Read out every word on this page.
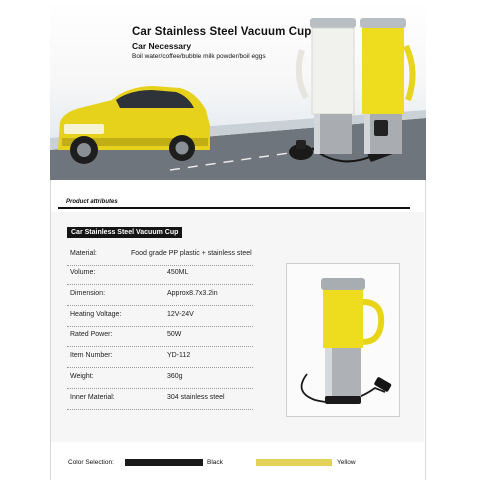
Car Stainless Steel Vacuum Cup
Car Necessary
Boil water/coffee/bubble milk powder/boil eggs
Product attributes
Car Stainless Steel Vacuum Cup
Material:	Food grade PP plastic + stainless steel
Volume:	450ML
Dimension:	Approx8.7x3.2in
Heating Voltage:	12V-24V
Rated Power:	50W
Item Number:	YD-112
Weight:	360g
Inner Material:	304 stainless steel
Color Selection:	Black	Yellow
